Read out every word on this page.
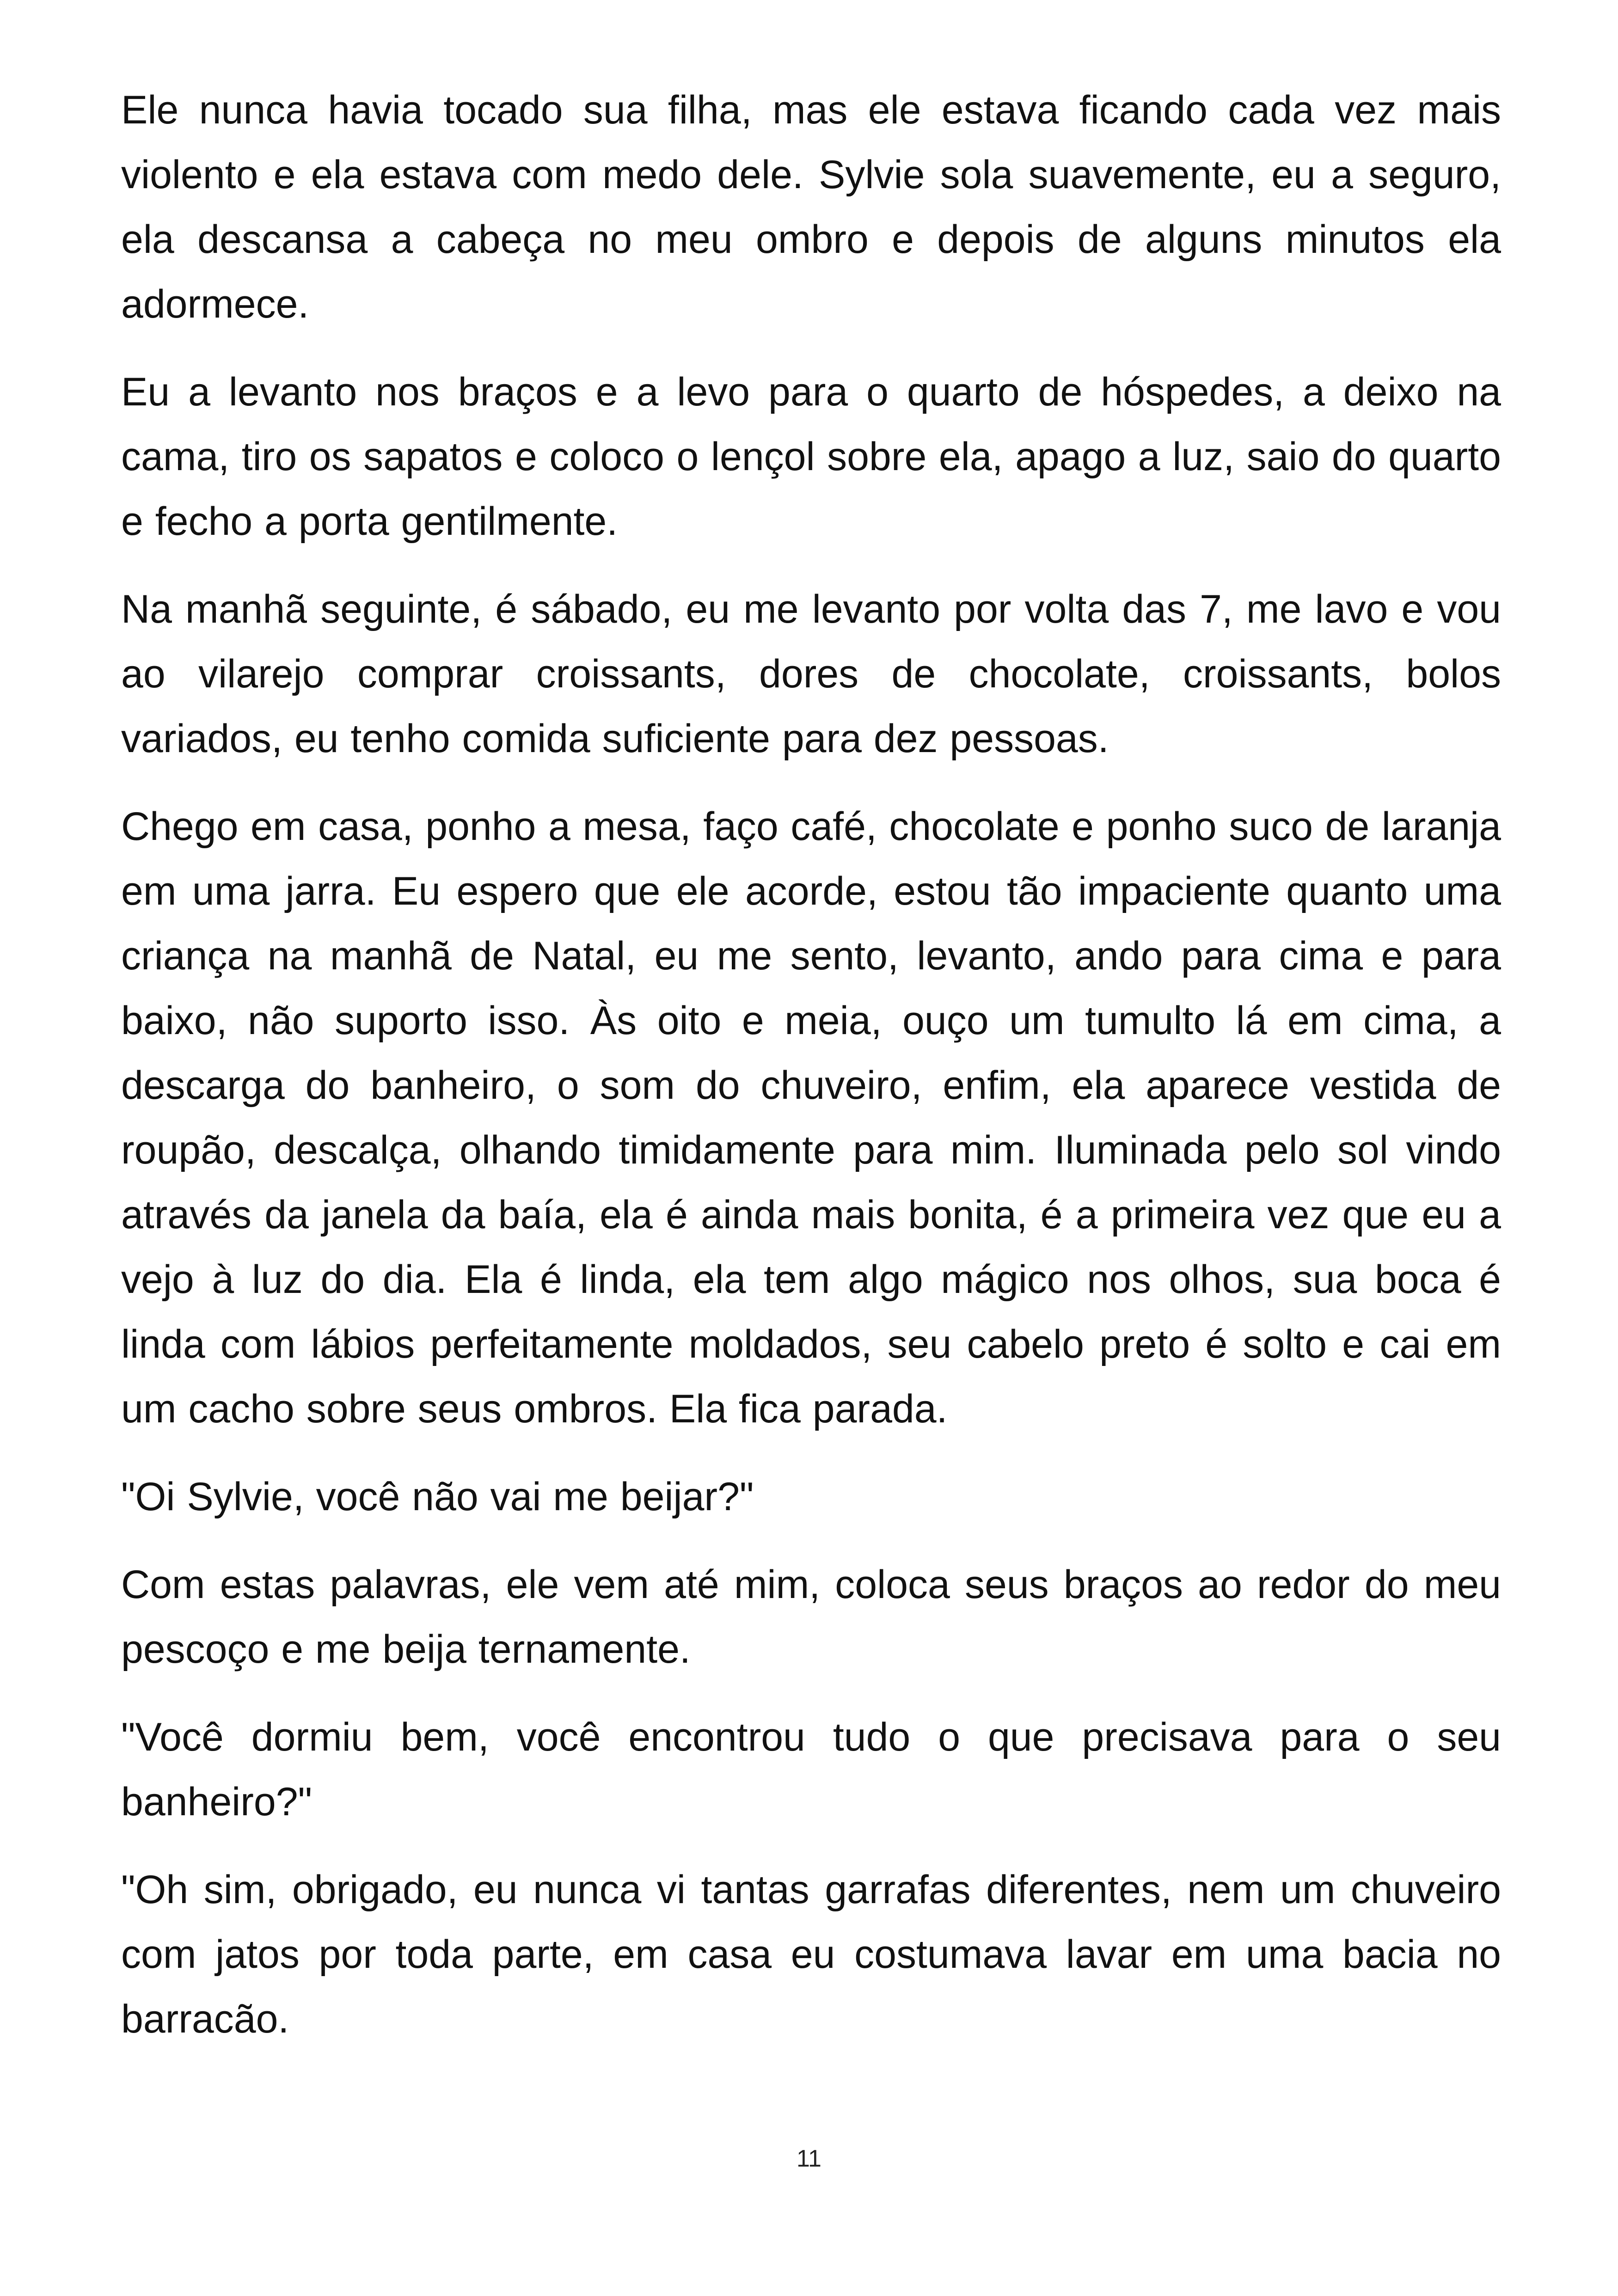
Ele nunca havia tocado sua filha, mas ele estava ficando cada vez mais violento e ela estava com medo dele. Sylvie sola suavemente, eu a seguro, ela descansa a cabeça no meu ombro e depois de alguns minutos ela adormece.

Eu a levanto nos braços e a levo para o quarto de hóspedes, a deixo na cama, tiro os sapatos e coloco o lençol sobre ela, apago a luz, saio do quarto e fecho a porta gentilmente.

Na manhã seguinte, é sábado, eu me levanto por volta das 7, me lavo e vou ao vilarejo comprar croissants, dores de chocolate, croissants, bolos variados, eu tenho comida suficiente para dez pessoas.

Chego em casa, ponho a mesa, faço café, chocolate e ponho suco de laranja em uma jarra. Eu espero que ele acorde, estou tão impaciente quanto uma criança na manhã de Natal, eu me sento, levanto, ando para cima e para baixo, não suporto isso. Às oito e meia, ouço um tumulto lá em cima, a descarga do banheiro, o som do chuveiro, enfim, ela aparece vestida de roupão, descalça, olhando timidamente para mim. Iluminada pelo sol vindo através da janela da baía, ela é ainda mais bonita, é a primeira vez que eu a vejo à luz do dia. Ela é linda, ela tem algo mágico nos olhos, sua boca é linda com lábios perfeitamente moldados, seu cabelo preto é solto e cai em um cacho sobre seus ombros. Ela fica parada.

"Oi Sylvie, você não vai me beijar?"

Com estas palavras, ele vem até mim, coloca seus braços ao redor do meu pescoço e me beija ternamente.

"Você dormiu bem, você encontrou tudo o que precisava para o seu banheiro?"

"Oh sim, obrigado, eu nunca vi tantas garrafas diferentes, nem um chuveiro com jatos por toda parte, em casa eu costumava lavar em uma bacia no barracão.

11
